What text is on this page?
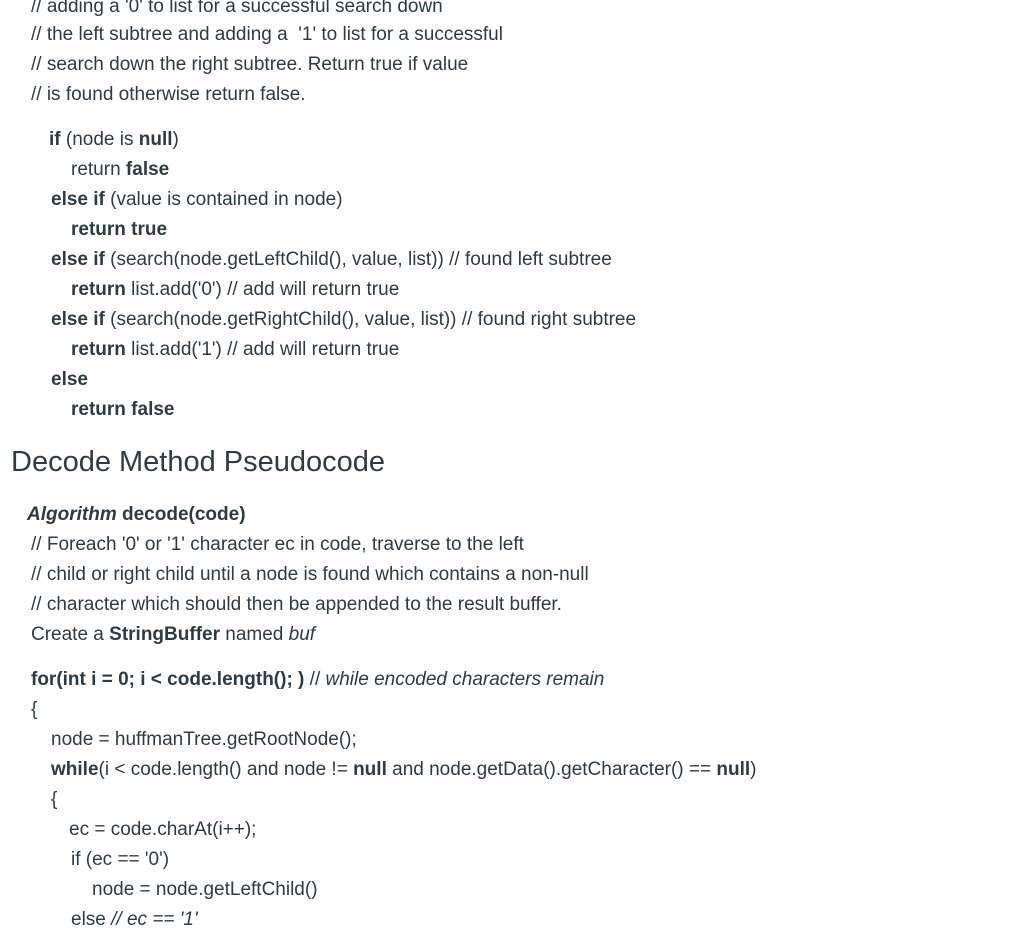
// adding a '0' to list for a successful search down
// the left subtree and adding a  '1' to list for a successful
// search down the right subtree. Return true if value
// is found otherwise return false.
if (node is null)
return false
else if (value is contained in node)
return true
else if (search(node.getLeftChild(), value, list)) // found left subtree
return list.add('0') // add will return true
else if (search(node.getRightChild(), value, list)) // found right subtree
return list.add('1') // add will return true
else
return false
Decode Method Pseudocode
Algorithm decode(code)
// Foreach '0' or '1' character ec in code, traverse to the left
// child or right child until a node is found which contains a non-null
// character which should then be appended to the result buffer.
Create a StringBuffer named buf
for(int i = 0; i < code.length(); ) // while encoded characters remain
{
node = huffmanTree.getRootNode();
while(i < code.length() and node != null and node.getData().getCharacter() == null)
{
ec = code.charAt(i++);
if (ec == '0')
node = node.getLeftChild()
else // ec == '1'
